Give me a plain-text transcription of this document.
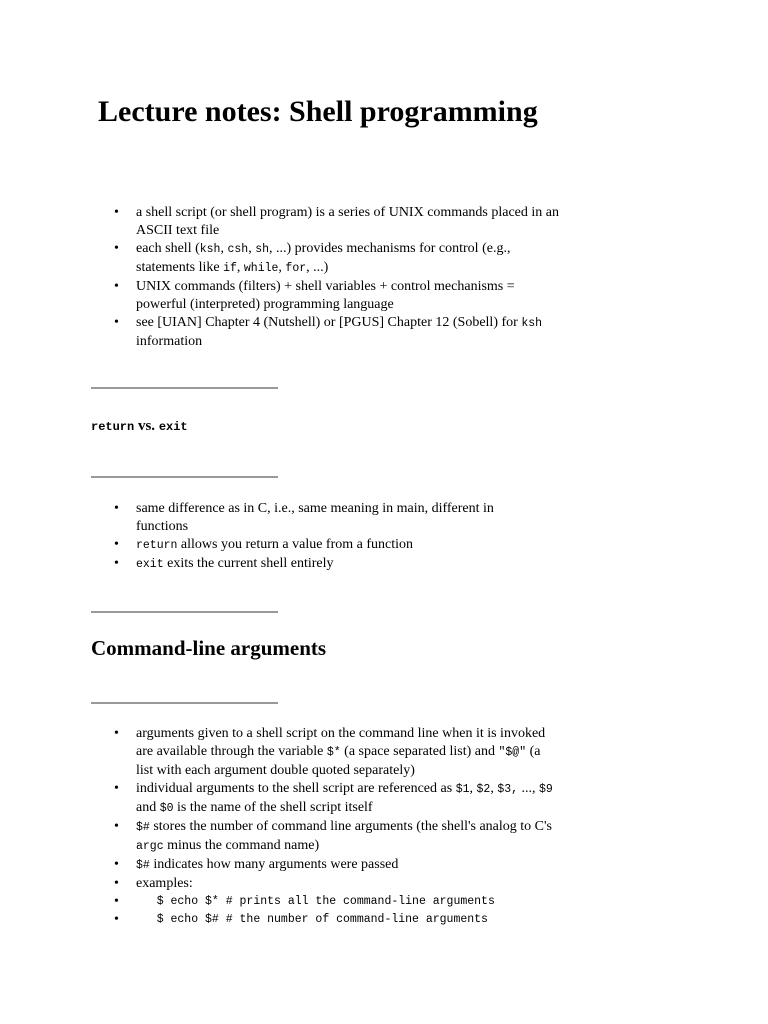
Lecture notes: Shell programming
• a shell script (or shell program) is a series of UNIX commands placed in an ASCII text file
• each shell (ksh, csh, sh, ...) provides mechanisms for control (e.g., statements like if, while, for, ...)
• UNIX commands (filters) + shell variables + control mechanisms = powerful (interpreted) programming language
• see [UIAN] Chapter 4 (Nutshell) or [PGUS] Chapter 12 (Sobell) for ksh information
return vs. exit
• same difference as in C, i.e., same meaning in main, different in functions
• return allows you return a value from a function
• exit exits the current shell entirely
Command-line arguments
• arguments given to a shell script on the command line when it is invoked are available through the variable $* (a space separated list) and "$@" (a list with each argument double quoted separately)
• individual arguments to the shell script are referenced as $1, $2, $3, ..., $9 and $0 is the name of the shell script itself
• $# stores the number of command line arguments (the shell's analog to C's argc minus the command name)
• $# indicates how many arguments were passed
• examples:
• $ echo $* # prints all the command-line arguments
• $ echo $# # the number of command-line arguments
